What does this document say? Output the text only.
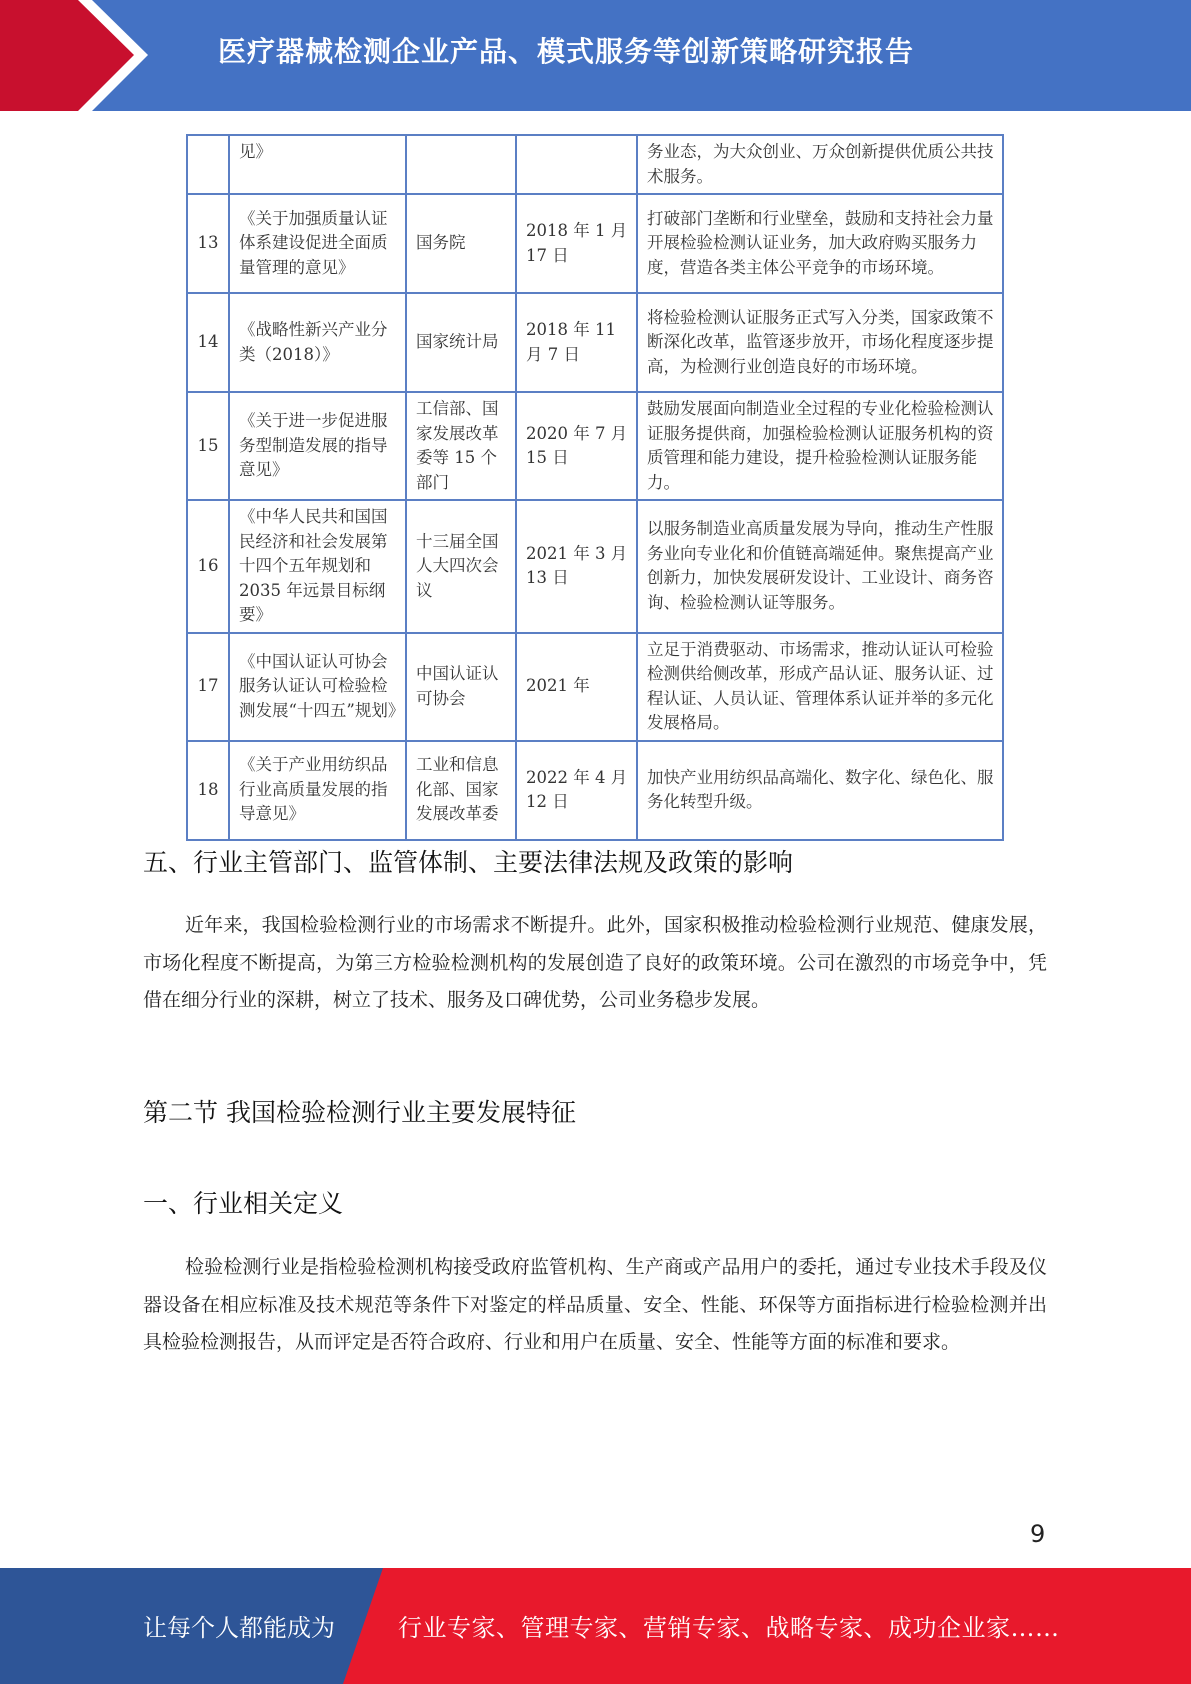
医疗器械检测企业产品、模式服务等创新策略研究报告
	见》			务业态，为大众创业、万众创新提供优质公共技术服务。
13	《关于加强质量认证体系建设促进全面质量管理的意见》	国务院	2018 年 1 月 17 日	打破部门垄断和行业壁垒，鼓励和支持社会力量开展检验检测认证业务，加大政府购买服务力度，营造各类主体公平竞争的市场环境。
14	《战略性新兴产业分类（2018）》	国家统计局	2018 年 11 月 7 日	将检验检测认证服务正式写入分类，国家政策不断深化改革，监管逐步放开，市场化程度逐步提高，为检测行业创造良好的市场环境。
15	《关于进一步促进服务型制造发展的指导意见》	工信部、国家发展改革委等 15 个部门	2020 年 7 月 15 日	鼓励发展面向制造业全过程的专业化检验检测认证服务提供商，加强检验检测认证服务机构的资质管理和能力建设，提升检验检测认证服务能力。
16	《中华人民共和国国民经济和社会发展第十四个五年规划和 2035 年远景目标纲要》	十三届全国人大四次会议	2021 年 3 月 13 日	以服务制造业高质量发展为导向，推动生产性服务业向专业化和价值链高端延伸。聚焦提高产业创新力，加快发展研发设计、工业设计、商务咨询、检验检测认证等服务。
17	《中国认证认可协会服务认证认可检验检测发展“十四五”规划》	中国认证认可协会	2021 年	立足于消费驱动、市场需求，推动认证认可检验检测供给侧改革，形成产品认证、服务认证、过程认证、人员认证、管理体系认证并举的多元化发展格局。
18	《关于产业用纺织品行业高质量发展的指导意见》	工业和信息化部、国家发展改革委	2022 年 4 月 12 日	加快产业用纺织品高端化、数字化、绿色化、服务化转型升级。
五、行业主管部门、监管体制、主要法律法规及政策的影响
近年来，我国检验检测行业的市场需求不断提升。此外，国家积极推动检验检测行业规范、健康发展，市场化程度不断提高，为第三方检验检测机构的发展创造了良好的政策环境。公司在激烈的市场竞争中，凭借在细分行业的深耕，树立了技术、服务及口碑优势，公司业务稳步发展。
第二节 我国检验检测行业主要发展特征
一、行业相关定义
检验检测行业是指检验检测机构接受政府监管机构、生产商或产品用户的委托，通过专业技术手段及仪器设备在相应标准及技术规范等条件下对鉴定的样品质量、安全、性能、环保等方面指标进行检验检测并出具检验检测报告，从而评定是否符合政府、行业和用户在质量、安全、性能等方面的标准和要求。
9
让每个人都能成为	行业专家、管理专家、营销专家、战略专家、成功企业家……
